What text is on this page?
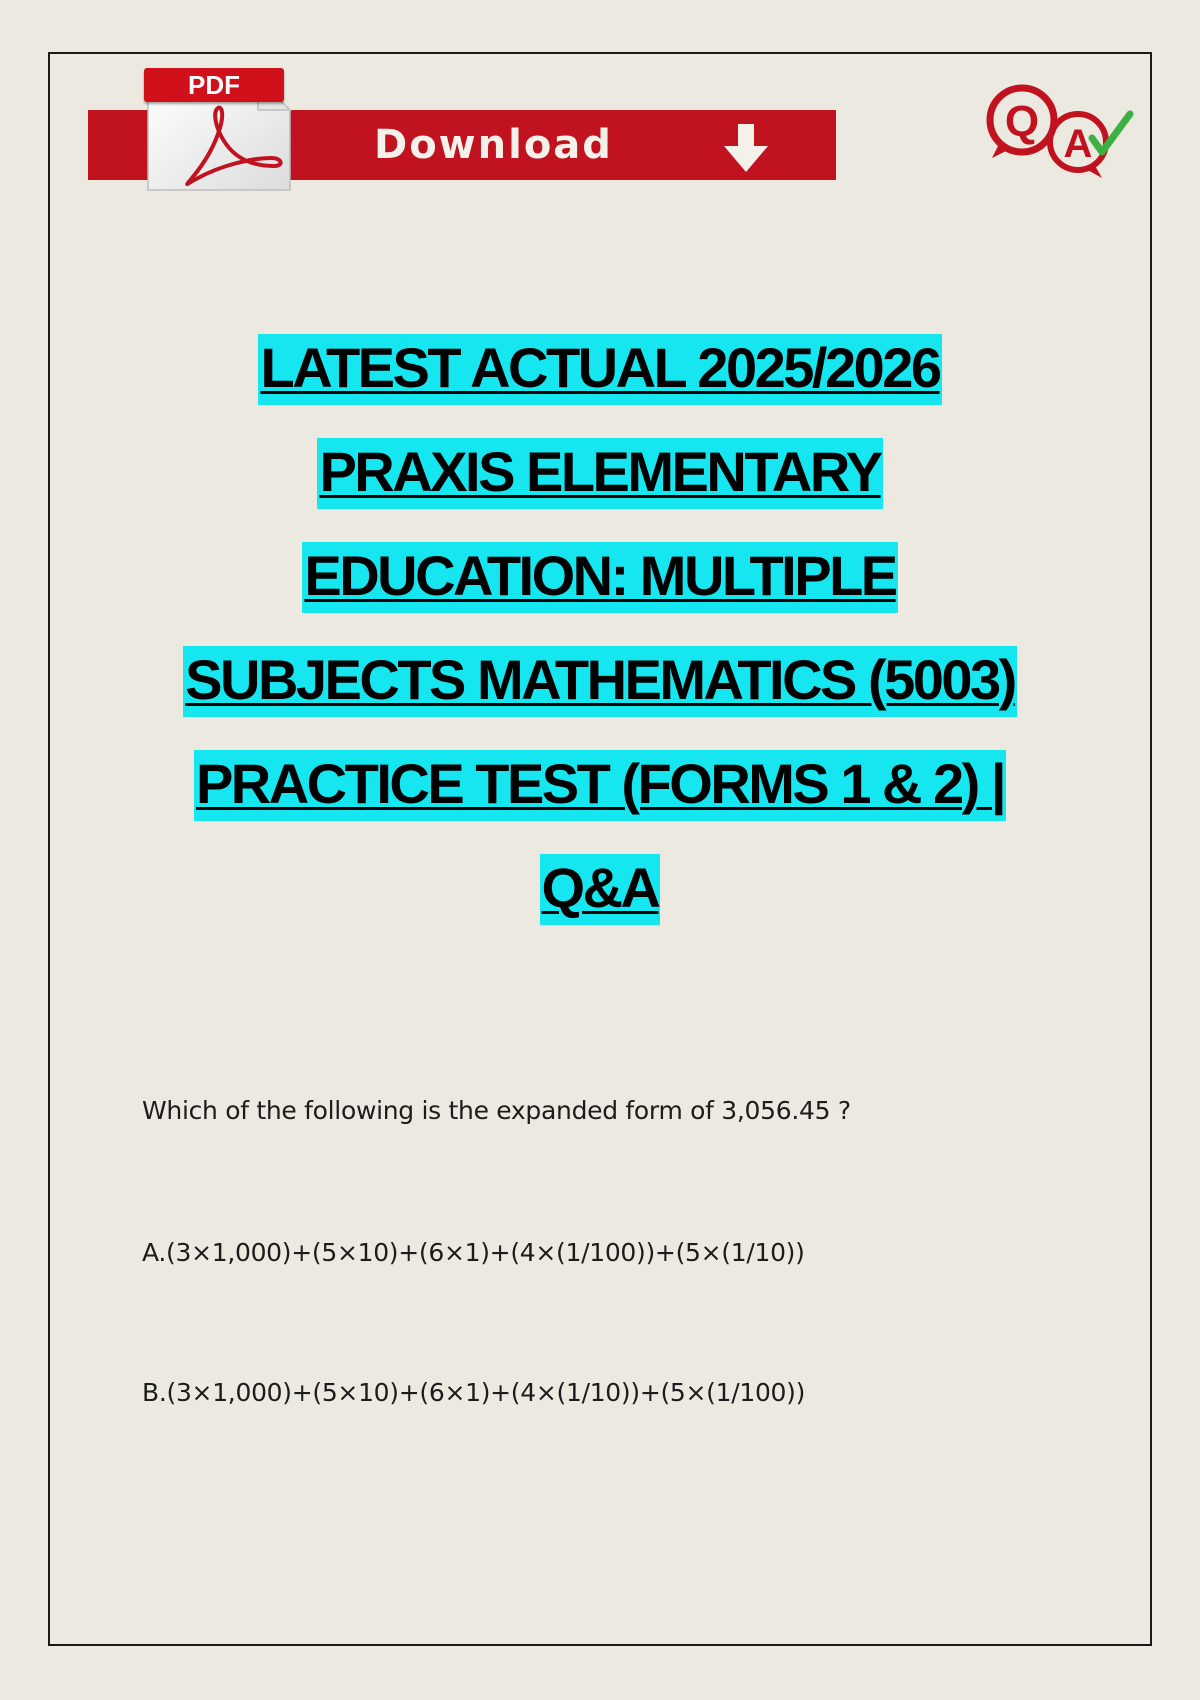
PDF
Download	Q A
LATEST ACTUAL 2025/2026
PRAXIS ELEMENTARY
EDUCATION: MULTIPLE
SUBJECTS MATHEMATICS (5003)
PRACTICE TEST (FORMS 1 & 2) |
Q&A
Which of the following is the expanded form of 3,056.45 ?
A.(3×1,000)+(5×10)+(6×1)+(4×(1/100))+(5×(1/10))
B.(3×1,000)+(5×10)+(6×1)+(4×(1/10))+(5×(1/100))
